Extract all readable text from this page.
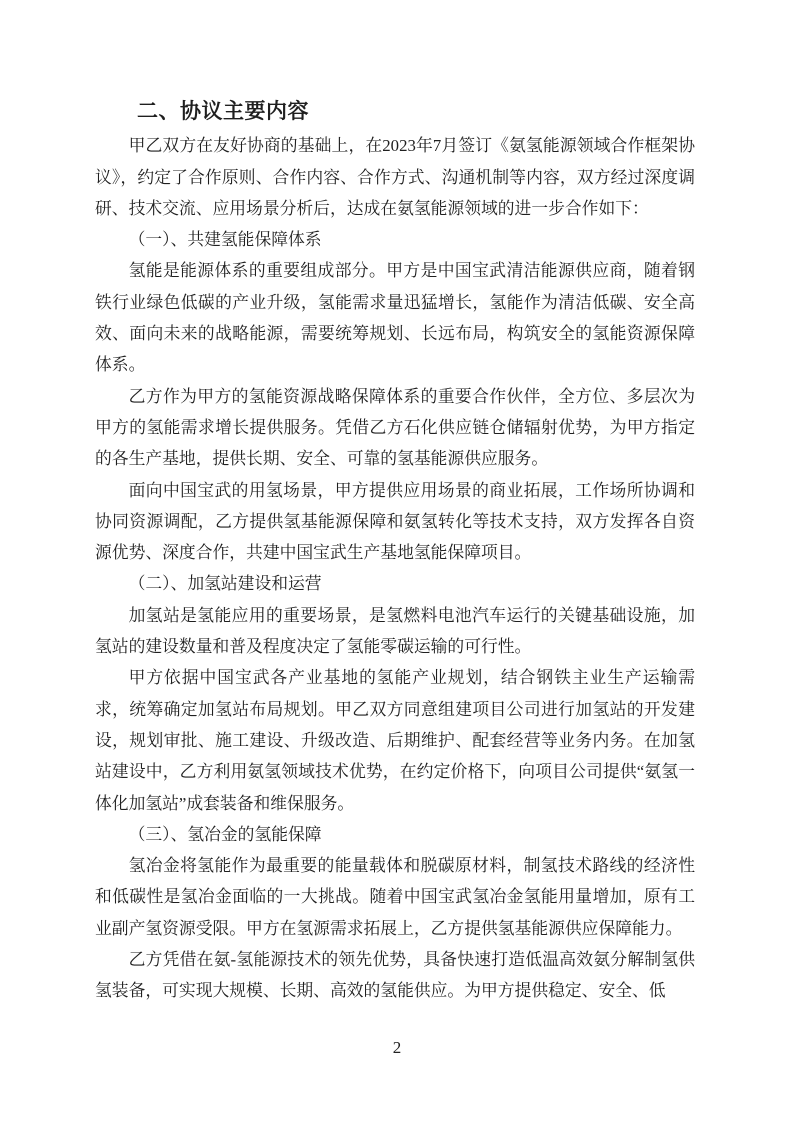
二、协议主要内容

甲乙双方在友好协商的基础上，在2023年7月签订《氨氢能源领域合作框架协议》，约定了合作原则、合作内容、合作方式、沟通机制等内容，双方经过深度调研、技术交流、应用场景分析后，达成在氨氢能源领域的进一步合作如下：

（一）、共建氢能保障体系

氢能是能源体系的重要组成部分。甲方是中国宝武清洁能源供应商，随着钢铁行业绿色低碳的产业升级，氢能需求量迅猛增长，氢能作为清洁低碳、安全高效、面向未来的战略能源，需要统筹规划、长远布局，构筑安全的氢能资源保障体系。

乙方作为甲方的氢能资源战略保障体系的重要合作伙伴，全方位、多层次为甲方的氢能需求增长提供服务。凭借乙方石化供应链仓储辐射优势，为甲方指定的各生产基地，提供长期、安全、可靠的氢基能源供应服务。

面向中国宝武的用氢场景，甲方提供应用场景的商业拓展，工作场所协调和协同资源调配，乙方提供氢基能源保障和氨氢转化等技术支持，双方发挥各自资源优势、深度合作，共建中国宝武生产基地氢能保障项目。

（二）、加氢站建设和运营

加氢站是氢能应用的重要场景，是氢燃料电池汽车运行的关键基础设施，加氢站的建设数量和普及程度决定了氢能零碳运输的可行性。

甲方依据中国宝武各产业基地的氢能产业规划，结合钢铁主业生产运输需求，统筹确定加氢站布局规划。甲乙双方同意组建项目公司进行加氢站的开发建设，规划审批、施工建设、升级改造、后期维护、配套经营等业务内务。在加氢站建设中，乙方利用氨氢领域技术优势，在约定价格下，向项目公司提供“氨氢一体化加氢站”成套装备和维保服务。

（三）、氢冶金的氢能保障

氢冶金将氢能作为最重要的能量载体和脱碳原材料，制氢技术路线的经济性和低碳性是氢冶金面临的一大挑战。随着中国宝武氢冶金氢能用量增加，原有工业副产氢资源受限。甲方在氢源需求拓展上，乙方提供氢基能源供应保障能力。

乙方凭借在氨-氢能源技术的领先优势，具备快速打造低温高效氨分解制氢供氢装备，可实现大规模、长期、高效的氢能供应。为甲方提供稳定、安全、低

2
